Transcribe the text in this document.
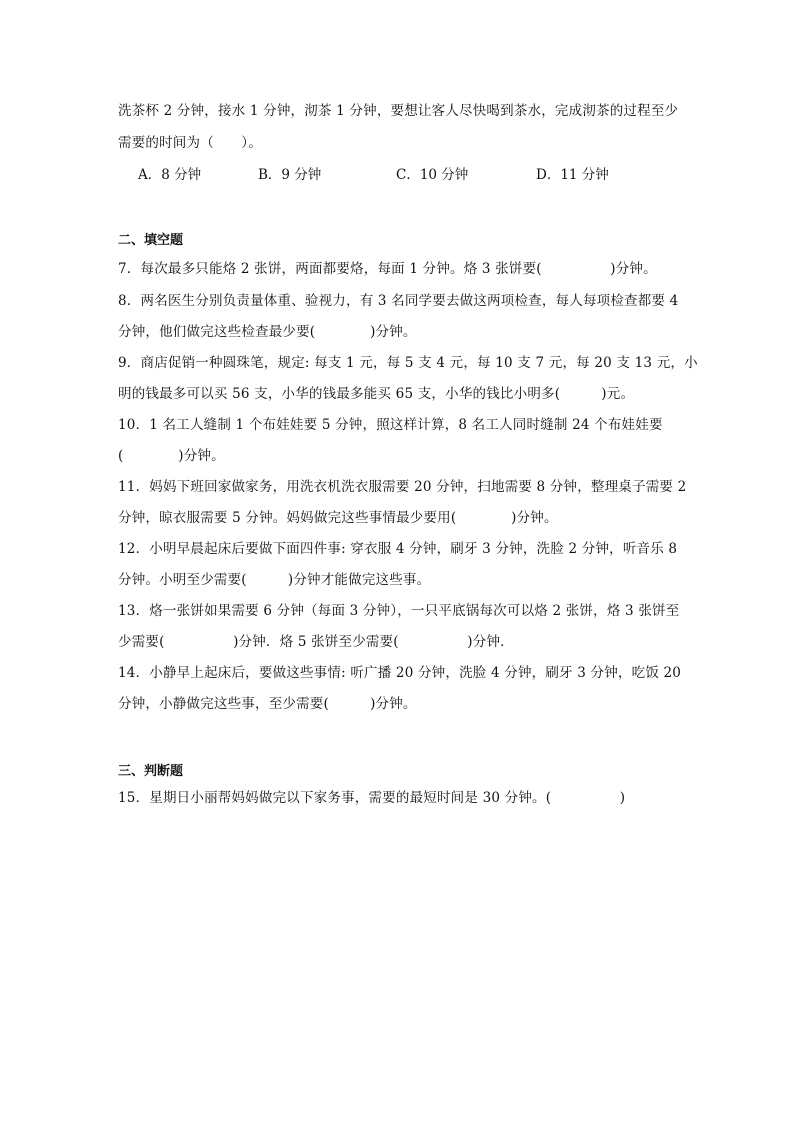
洗茶杯 2 分钟，接水 1 分钟，沏茶 1 分钟，要想让客人尽快喝到茶水，完成沏茶的过程至少
需要的时间为（　　）。
A．8 分钟	B．9 分钟	C．10 分钟	D．11 分钟
二、填空题
7．每次最多只能烙 2 张饼，两面都要烙，每面 1 分钟。烙 3 张饼要(　　　　　)分钟。
8．两名医生分别负责量体重、验视力，有 3 名同学要去做这两项检查，每人每项检查都要 4
分钟，他们做完这些检查最少要(　　　　)分钟。
9．商店促销一种圆珠笔，规定: 每支 1 元，每 5 支 4 元，每 10 支 7 元，每 20 支 13 元，小
明的钱最多可以买 56 支，小华的钱最多能买 65 支，小华的钱比小明多(　　　)元。
10．1 名工人缝制 1 个布娃娃要 5 分钟，照这样计算，8 名工人同时缝制 24 个布娃娃要
(　　　　)分钟。
11．妈妈下班回家做家务，用洗衣机洗衣服需要 20 分钟，扫地需要 8 分钟，整理桌子需要 2
分钟，晾衣服需要 5 分钟。妈妈做完这些事情最少要用(　　　　)分钟。
12．小明早晨起床后要做下面四件事: 穿衣服 4 分钟，刷牙 3 分钟，洗脸 2 分钟，听音乐 8
分钟。小明至少需要(　　　)分钟才能做完这些事。
13．烙一张饼如果需要 6 分钟（每面 3 分钟），一只平底锅每次可以烙 2 张饼，烙 3 张饼至
少需要(　　　　　)分钟．烙 5 张饼至少需要(　　　　　)分钟．
14．小静早上起床后，要做这些事情: 听广播 20 分钟，洗脸 4 分钟，刷牙 3 分钟，吃饭 20
分钟，小静做完这些事，至少需要(　　　)分钟。
三、判断题
15．星期日小丽帮妈妈做完以下家务事，需要的最短时间是 30 分钟。(　　　　　)
